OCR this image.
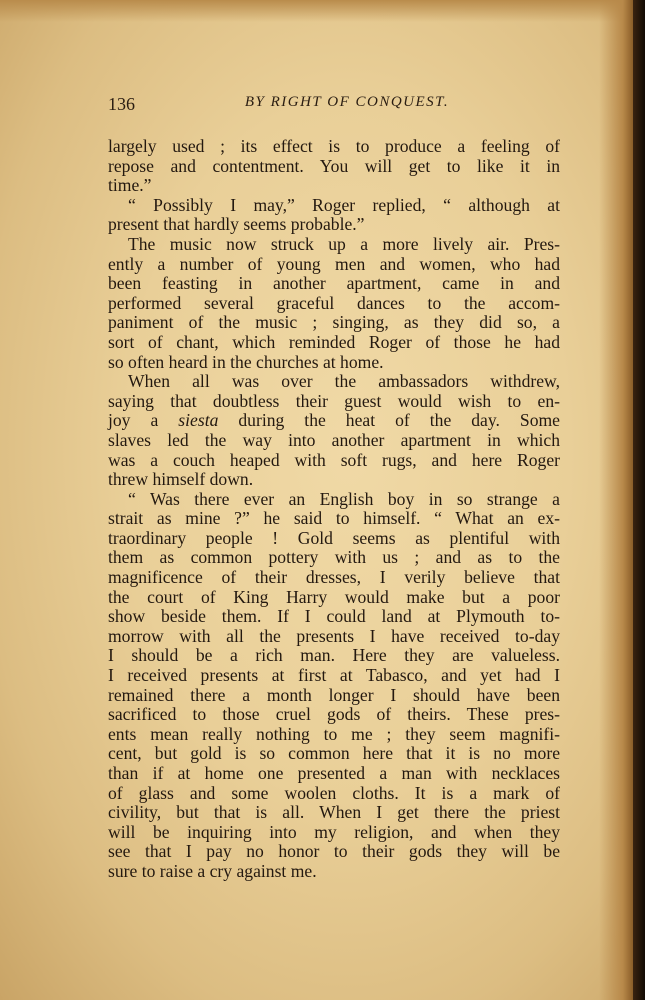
136	BY RIGHT OF CONQUEST.
largely used ; its effect is to produce a feeling of
repose and contentment. You will get to like it in
time.”
“ Possibly I may,” Roger replied, “ although at
present that hardly seems probable.”
The music now struck up a more lively air. Pres-
ently a number of young men and women, who had
been feasting in another apartment, came in and
performed several graceful dances to the accom-
paniment of the music ; singing, as they did so, a
sort of chant, which reminded Roger of those he had
so often heard in the churches at home.
When all was over the ambassadors withdrew,
saying that doubtless their guest would wish to en-
joy a siesta during the heat of the day. Some
slaves led the way into another apartment in which
was a couch heaped with soft rugs, and here Roger
threw himself down.
“ Was there ever an English boy in so strange a
strait as mine ?” he said to himself. “ What an ex-
traordinary people ! Gold seems as plentiful with
them as common pottery with us ; and as to the
magnificence of their dresses, I verily believe that
the court of King Harry would make but a poor
show beside them. If I could land at Plymouth to-
morrow with all the presents I have received to-day
I should be a rich man. Here they are valueless.
I received presents at first at Tabasco, and yet had I
remained there a month longer I should have been
sacrificed to those cruel gods of theirs. These pres-
ents mean really nothing to me ; they seem magnifi-
cent, but gold is so common here that it is no more
than if at home one presented a man with necklaces
of glass and some woolen cloths. It is a mark of
civility, but that is all. When I get there the priest
will be inquiring into my religion, and when they
see that I pay no honor to their gods they will be
sure to raise a cry against me.
